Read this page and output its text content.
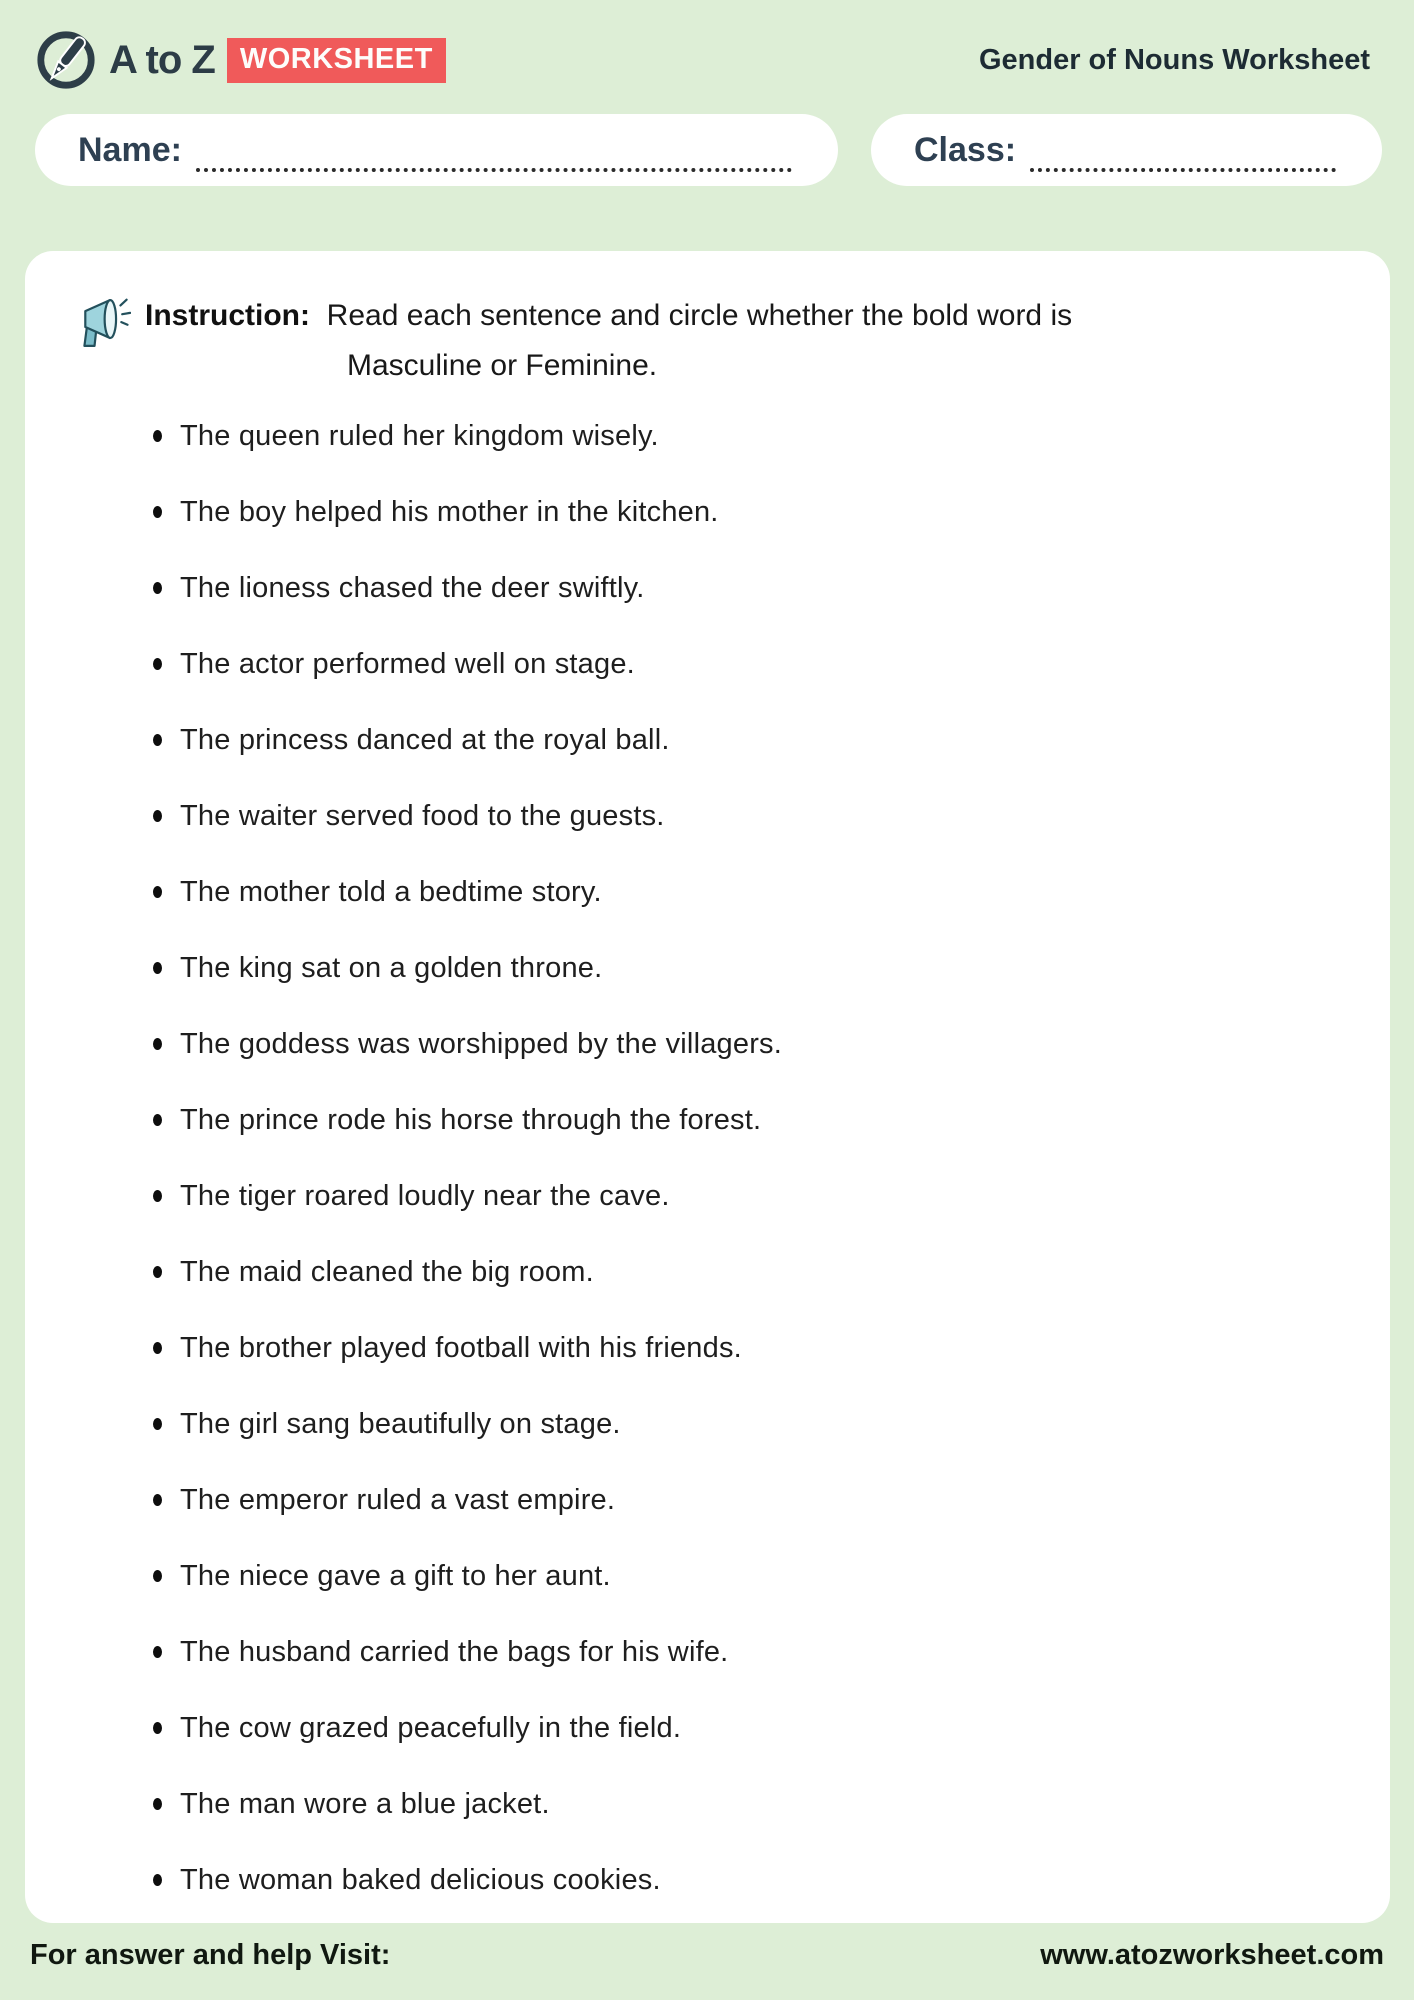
A to Z WORKSHEET	Gender of Nouns Worksheet
Name:	Class:
Instruction: Read each sentence and circle whether the bold word is
Masculine or Feminine.
The queen ruled her kingdom wisely.
The boy helped his mother in the kitchen.
The lioness chased the deer swiftly.
The actor performed well on stage.
The princess danced at the royal ball.
The waiter served food to the guests.
The mother told a bedtime story.
The king sat on a golden throne.
The goddess was worshipped by the villagers.
The prince rode his horse through the forest.
The tiger roared loudly near the cave.
The maid cleaned the big room.
The brother played football with his friends.
The girl sang beautifully on stage.
The emperor ruled a vast empire.
The niece gave a gift to her aunt.
The husband carried the bags for his wife.
The cow grazed peacefully in the field.
The man wore a blue jacket.
The woman baked delicious cookies.
For answer and help Visit:	www.atozworksheet.com
